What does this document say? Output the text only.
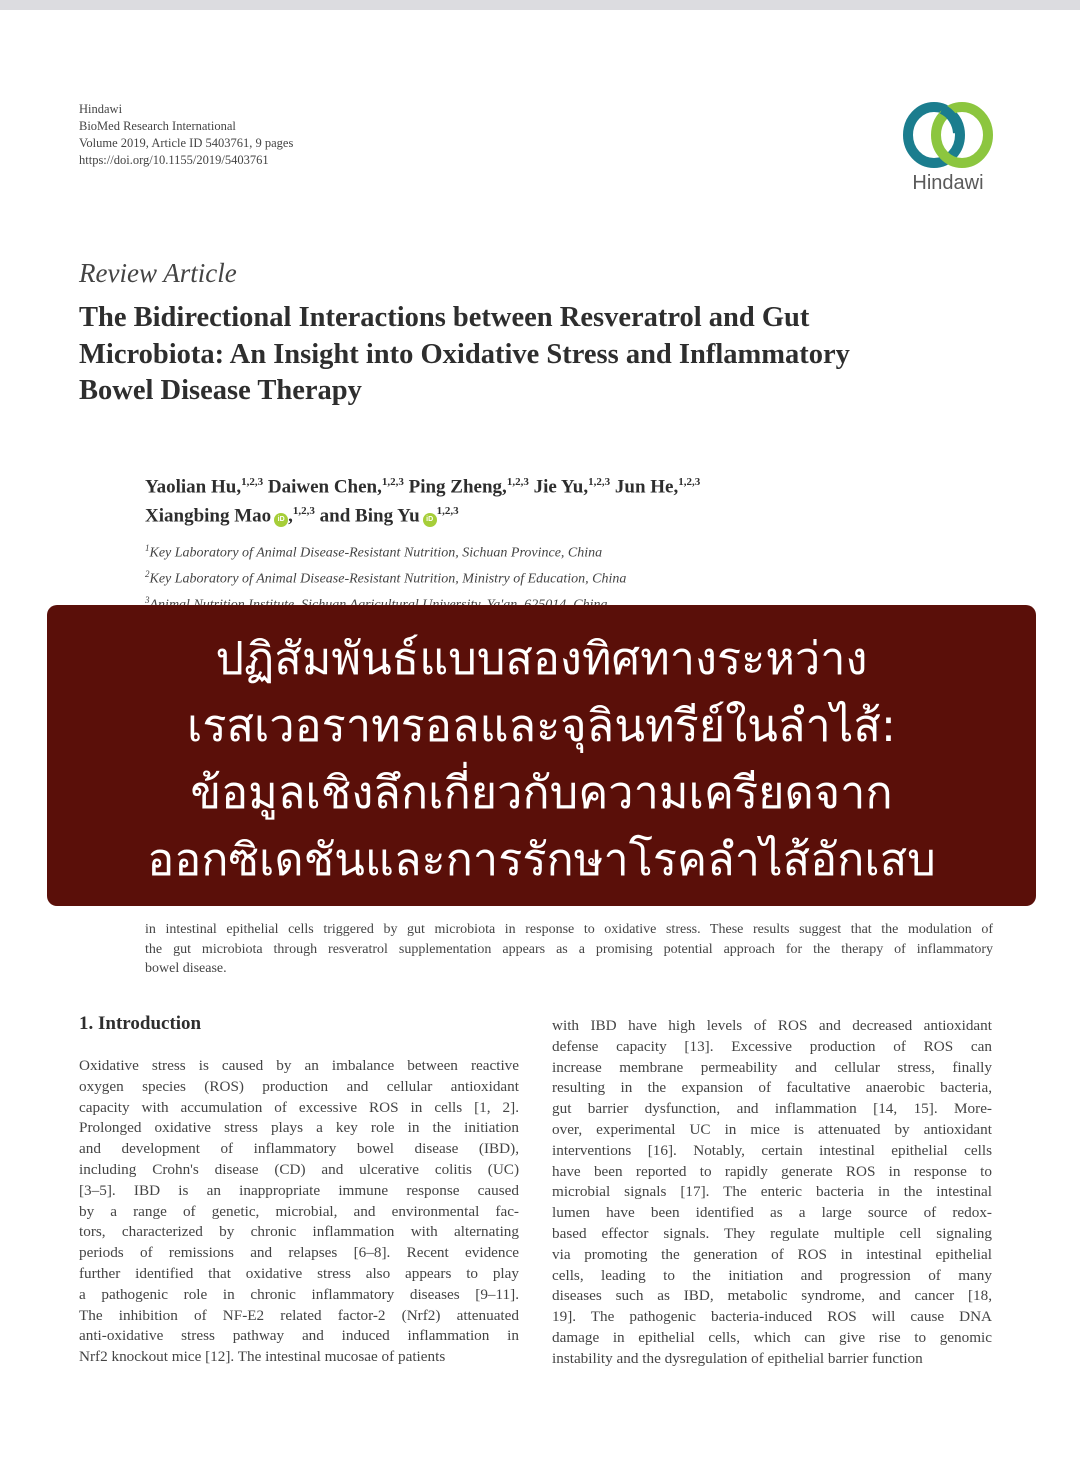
Hindawi
BioMed Research International
Volume 2019, Article ID 5403761, 9 pages
https://doi.org/10.1155/2019/5403761
Hindawi
Review Article
The Bidirectional Interactions between Resveratrol and Gut
Microbiota: An Insight into Oxidative Stress and Inflammatory
Bowel Disease Therapy
Yaolian Hu,$^{1,2,3}$ Daiwen Chen,$^{1,2,3}$ Ping Zheng,$^{1,2,3}$ Jie Yu,$^{1,2,3}$ Jun He,$^{1,2,3}$
Xiangbing Mao iD ,$^{1,2,3}$ and Bing Yu iD$^{1,2,3}$
$^1$Key Laboratory of Animal Disease-Resistant Nutrition, Sichuan Province, China
$^2$Key Laboratory of Animal Disease-Resistant Nutrition, Ministry of Education, China
$^3$
in intestinal epithelial cells triggered by gut microbiota in response to oxidative stress. These results suggest that the modulation of
the gut microbiota through resveratrol supplementation appears as a promising potential approach for the therapy of inflammatory
bowel disease.
ปฏิสัมพันธ์แบบสองทิศทางระหว่าง
เรสเวอราทรอลและจุลินทรีย์ในลำไส้:
ข้อมูลเชิงลึกเกี่ยวกับความเครียดจาก
ออกซิเดชันและการรักษาโรคลำไส้อักเสบ
1. Introduction
Oxidative stress is caused by an imbalance between reactive
oxygen species (ROS) production and cellular antioxidant
capacity with accumulation of excessive ROS in cells [1, 2].
Prolonged oxidative stress plays a key role in the initiation
and development of inflammatory bowel disease (IBD),
including Crohn's disease (CD) and ulcerative colitis (UC)
[3–5]. IBD is an inappropriate immune response caused
by a range of genetic, microbial, and environmental fac-
tors, characterized by chronic inflammation with alternating
periods of remissions and relapses [6–8]. Recent evidence
further identified that oxidative stress also appears to play
a pathogenic role in chronic inflammatory diseases [9–11].
The inhibition of NF-E2 related factor-2 (Nrf2) attenuated
anti-oxidative stress pathway and induced inflammation in
Nrf2 knockout mice [12]. The intestinal mucosae of patients
with IBD have high levels of ROS and decreased antioxidant
defense capacity [13]. Excessive production of ROS can
increase membrane permeability and cellular stress, finally
resulting in the expansion of facultative anaerobic bacteria,
gut barrier dysfunction, and inflammation [14, 15]. More-
over, experimental UC in mice is attenuated by antioxidant
interventions [16]. Notably, certain intestinal epithelial cells
have been reported to rapidly generate ROS in response to
microbial signals [17]. The enteric bacteria in the intestinal
lumen have been identified as a large source of redox-
based effector signals. They regulate multiple cell signaling
via promoting the generation of ROS in intestinal epithelial
cells, leading to the initiation and progression of many
diseases such as IBD, metabolic syndrome, and cancer [18,
19]. The pathogenic bacteria-induced ROS will cause DNA
damage in epithelial cells, which can give rise to genomic
instability and the dysregulation of epithelial barrier function
